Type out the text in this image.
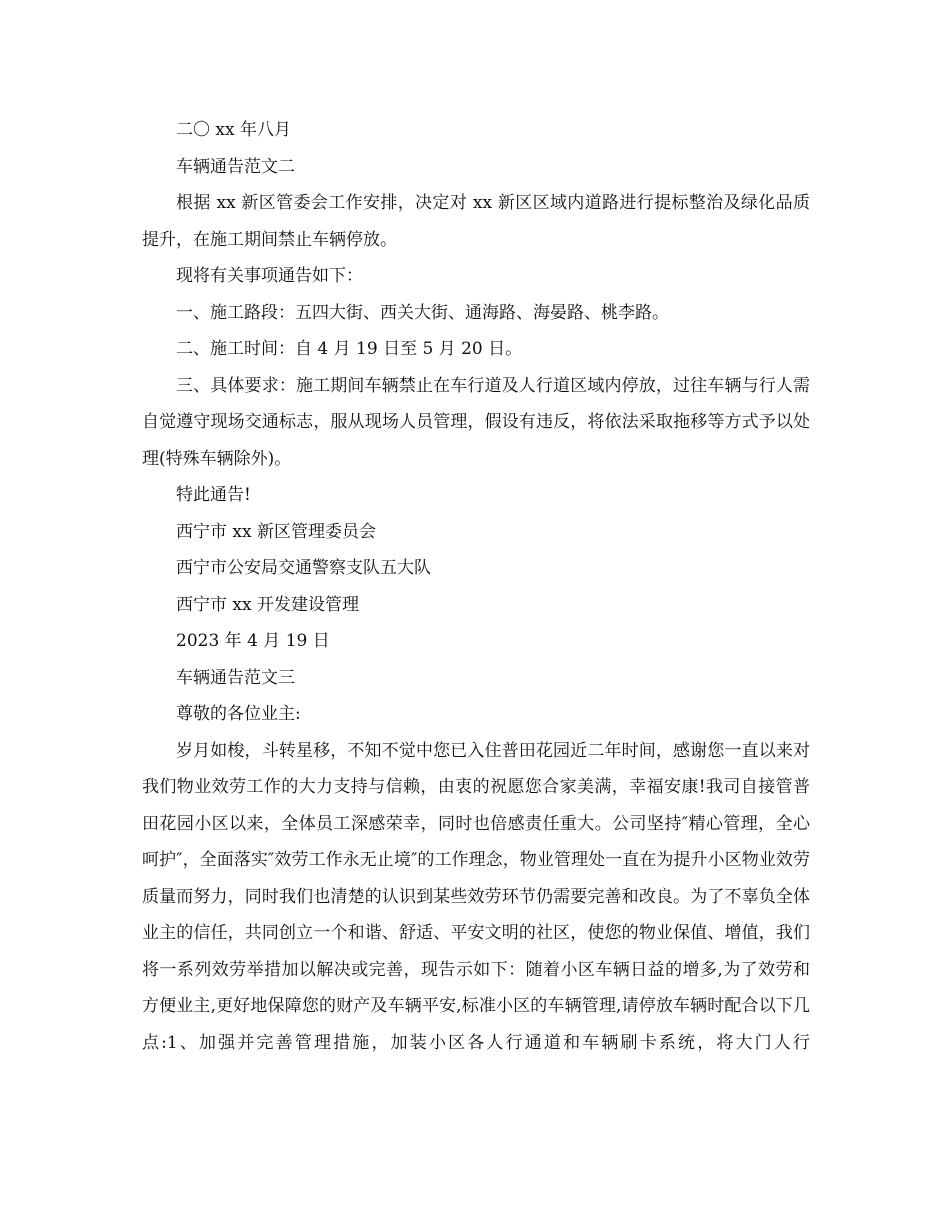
二〇 xx 年八月

车辆通告范文二

根据 xx 新区管委会工作安排，决定对 xx 新区区域内道路进行提标整治及绿化品质提升，在施工期间禁止车辆停放。

现将有关事项通告如下：

一、施工路段：五四大街、西关大街、通海路、海晏路、桃李路。

二、施工时间：自 4 月 19 日至 5 月 20 日。

三、具体要求：施工期间车辆禁止在车行道及人行道区域内停放，过往车辆与行人需自觉遵守现场交通标志，服从现场人员管理，假设有违反，将依法采取拖移等方式予以处理(特殊车辆除外)。

特此通告!

西宁市 xx 新区管理委员会

西宁市公安局交通警察支队五大队

西宁市 xx 开发建设管理

2023 年 4 月 19 日

车辆通告范文三

尊敬的各位业主:

岁月如梭，斗转星移，不知不觉中您已入住普田花园近二年时间，感谢您一直以来对我们物业效劳工作的大力支持与信赖，由衷的祝愿您合家美满，幸福安康!我司自接管普田花园小区以来，全体员工深感荣幸，同时也倍感责任重大。公司坚持″精心管理，全心呵护″，全面落实″效劳工作永无止境″的工作理念，物业管理处一直在为提升小区物业效劳质量而努力，同时我们也清楚的认识到某些效劳环节仍需要完善和改良。为了不辜负全体业主的信任，共同创立一个和谐、舒适、平安文明的社区，使您的物业保值、增值，我们将一系列效劳举措加以解决或完善，现告示如下：随着小区车辆日益的增多,为了效劳和方便业主,更好地保障您的财产及车辆平安,标准小区的车辆管理,请停放车辆时配合以下几点:1、加强并完善管理措施，加装小区各人行通道和车辆刷卡系统，将大门人行
